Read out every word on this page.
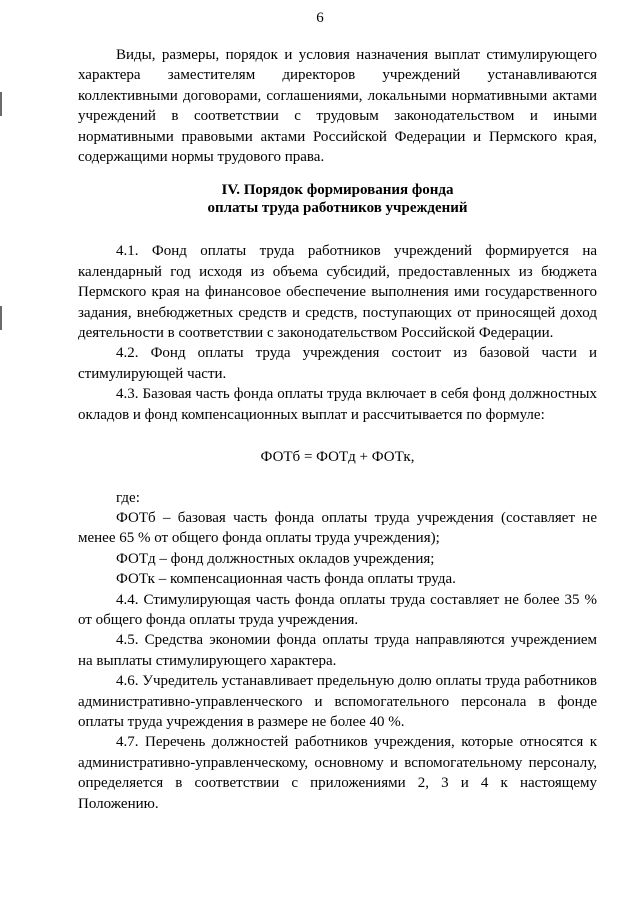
6

Виды, размеры, порядок и условия назначения выплат стимулирующего характера заместителям директоров учреждений устанавливаются коллективными договорами, соглашениями, локальными нормативными актами учреждений в соответствии с трудовым законодательством и иными нормативными правовыми актами Российской Федерации и Пермского края, содержащими нормы трудового права.

IV. Порядок формирования фонда
оплаты труда работников учреждений

4.1. Фонд оплаты труда работников учреждений формируется на календарный год исходя из объема субсидий, предоставленных из бюджета Пермского края на финансовое обеспечение выполнения ими государственного задания, внебюджетных средств и средств, поступающих от приносящей доход деятельности в соответствии с законодательством Российской Федерации.

4.2. Фонд оплаты труда учреждения состоит из базовой части и стимулирующей части.

4.3. Базовая часть фонда оплаты труда включает в себя фонд должностных окладов и фонд компенсационных выплат и рассчитывается по формуле:

ФОТб = ФОТд + ФОТк,

где:

ФОТб – базовая часть фонда оплаты труда учреждения (составляет не менее 65 % от общего фонда оплаты труда учреждения);

ФОТд – фонд должностных окладов учреждения;

ФОТк – компенсационная часть фонда оплаты труда.

4.4. Стимулирующая часть фонда оплаты труда составляет не более 35 % от общего фонда оплаты труда учреждения.

4.5. Средства экономии фонда оплаты труда направляются учреждением на выплаты стимулирующего характера.

4.6. Учредитель устанавливает предельную долю оплаты труда работников административно-управленческого и вспомогательного персонала в фонде оплаты труда учреждения в размере не более 40 %.

4.7. Перечень должностей работников учреждения, которые относятся к административно-управленческому, основному и вспомогательному персоналу, определяется в соответствии с приложениями 2, 3 и 4 к настоящему Положению.
